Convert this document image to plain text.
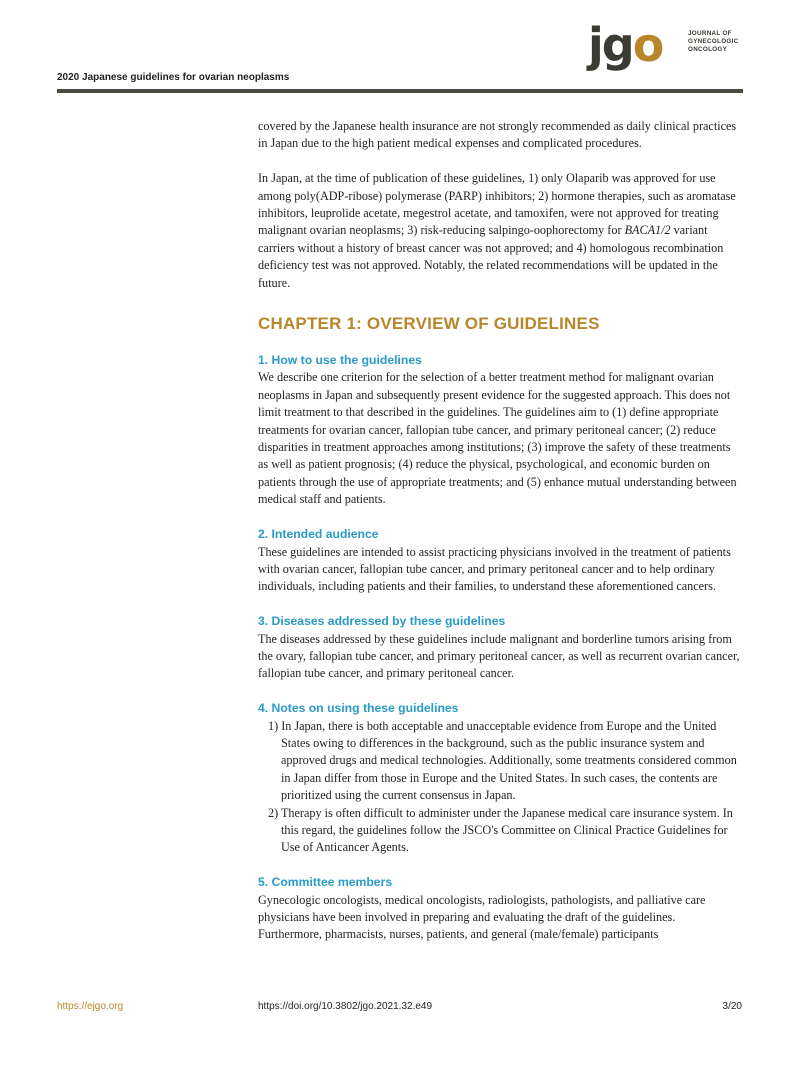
jgo	JOURNAL OF
GYNECOLOGIC
ONCOLOGY
2020 Japanese guidelines for ovarian neoplasms

covered by the Japanese health insurance are not strongly recommended as daily clinical practices in Japan due to the high patient medical expenses and complicated procedures.

In Japan, at the time of publication of these guidelines, 1) only Olaparib was approved for use among poly(ADP-ribose) polymerase (PARP) inhibitors; 2) hormone therapies, such as aromatase inhibitors, leuprolide acetate, megestrol acetate, and tamoxifen, were not approved for treating malignant ovarian neoplasms; 3) risk-reducing salpingo-oophorectomy for BACA1/2 variant carriers without a history of breast cancer was not approved; and 4) homologous recombination deficiency test was not approved. Notably, the related recommendations will be updated in the future.

CHAPTER 1: OVERVIEW OF GUIDELINES
1. How to use the guidelines

We describe one criterion for the selection of a better treatment method for malignant ovarian neoplasms in Japan and subsequently present evidence for the suggested approach. This does not limit treatment to that described in the guidelines. The guidelines aim to (1) define appropriate treatments for ovarian cancer, fallopian tube cancer, and primary peritoneal cancer; (2) reduce disparities in treatment approaches among institutions; (3) improve the safety of these treatments as well as patient prognosis; (4) reduce the physical, psychological, and economic burden on patients through the use of appropriate treatments; and (5) enhance mutual understanding between medical staff and patients.

2. Intended audience

These guidelines are intended to assist practicing physicians involved in the treatment of patients with ovarian cancer, fallopian tube cancer, and primary peritoneal cancer and to help ordinary individuals, including patients and their families, to understand these aforementioned cancers.

3. Diseases addressed by these guidelines

The diseases addressed by these guidelines include malignant and borderline tumors arising from the ovary, fallopian tube cancer, and primary peritoneal cancer, as well as recurrent ovarian cancer, fallopian tube cancer, and primary peritoneal cancer.

4. Notes on using these guidelines
1) In Japan, there is both acceptable and unacceptable evidence from Europe and the United States owing to differences in the background, such as the public insurance system and approved drugs and medical technologies. Additionally, some treatments considered common in Japan differ from those in Europe and the United States. In such cases, the contents are prioritized using the current consensus in Japan.
2) Therapy is often difficult to administer under the Japanese medical care insurance system. In this regard, the guidelines follow the JSCO's Committee on Clinical Practice Guidelines for Use of Anticancer Agents.
5. Committee members

Gynecologic oncologists, medical oncologists, radiologists, pathologists, and palliative care physicians have been involved in preparing and evaluating the draft of the guidelines. Furthermore, pharmacists, nurses, patients, and general (male/female) participants

https://ejgo.org	https://doi.org/10.3802/jgo.2021.32.e49	3/20
